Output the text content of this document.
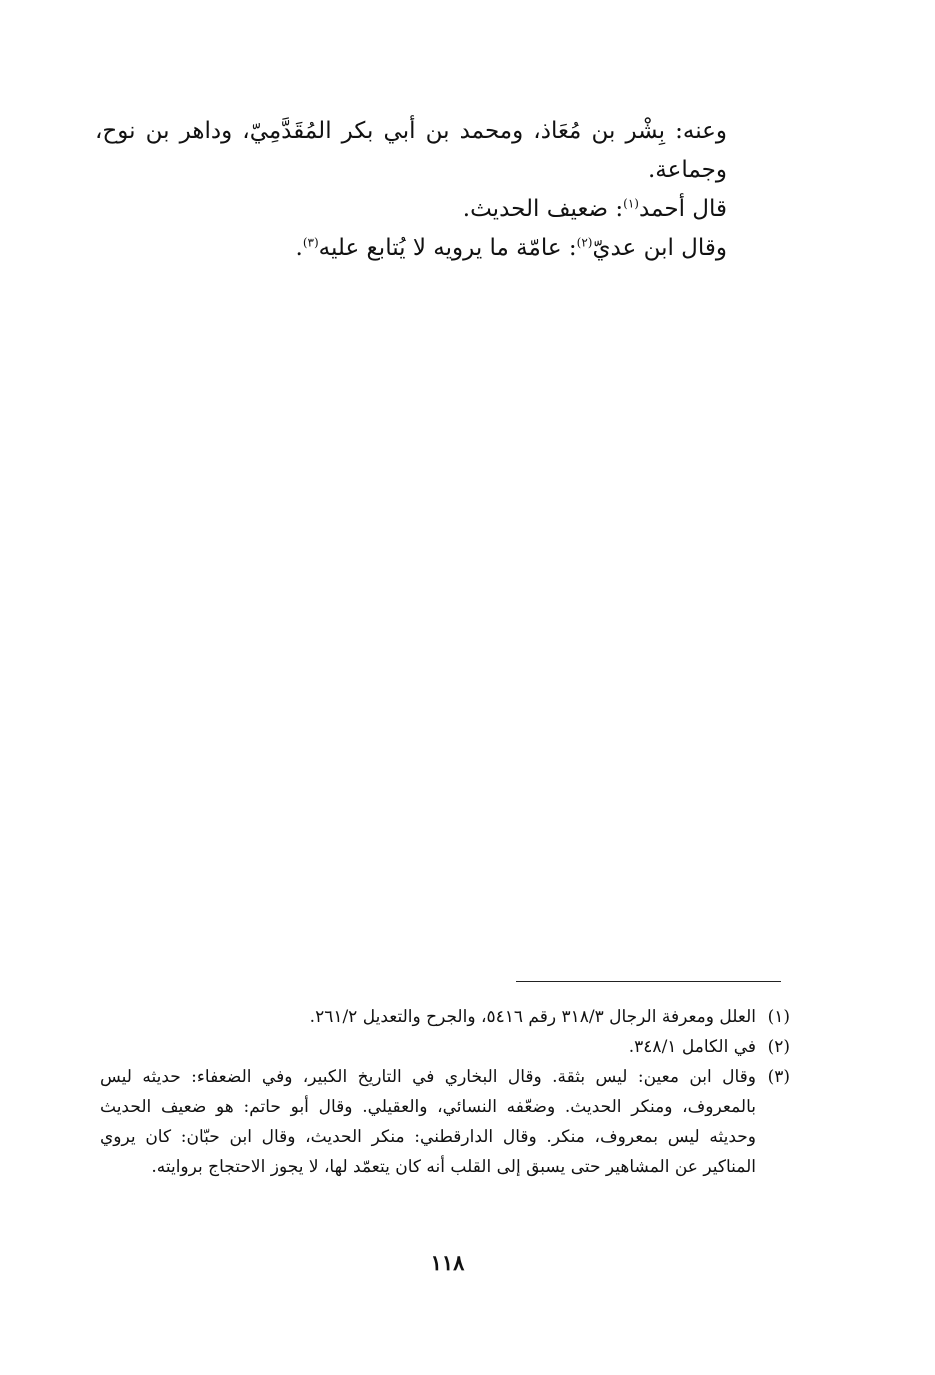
وعنه: بِشْر بن مُعَاذ، ومحمد بن أبي بكر المُقَدَّمِيّ، وداهر بن نوح، وجماعة.

قال أحمد$^{(١)}$: ضعيف الحديث.

وقال ابن عديّ$^{(٢)}$: عامّة ما يرويه لا يُتابع عليه$^{(٣)}$.

(١)
العلل ومعرفة الرجال ٣١٨/٣ رقم ٥٤١٦، والجرح والتعديل ٢٦١/٢.
(٢)
في الكامل ٣٤٨/١.
(٣)
وقال ابن معين: ليس بثقة. وقال البخاري في التاريخ الكبير، وفي الضعفاء: حديثه ليس بالمعروف، ومنكر الحديث. وضعّفه النسائي، والعقيلي. وقال أبو حاتم: هو ضعيف الحديث وحديثه ليس بمعروف، منكر. وقال الدارقطني: منكر الحديث، وقال ابن حبّان: كان يروي المناكير عن المشاهير حتى يسبق إلى القلب أنه كان يتعمّد لها، لا يجوز الاحتجاج بروايته.
١١٨
